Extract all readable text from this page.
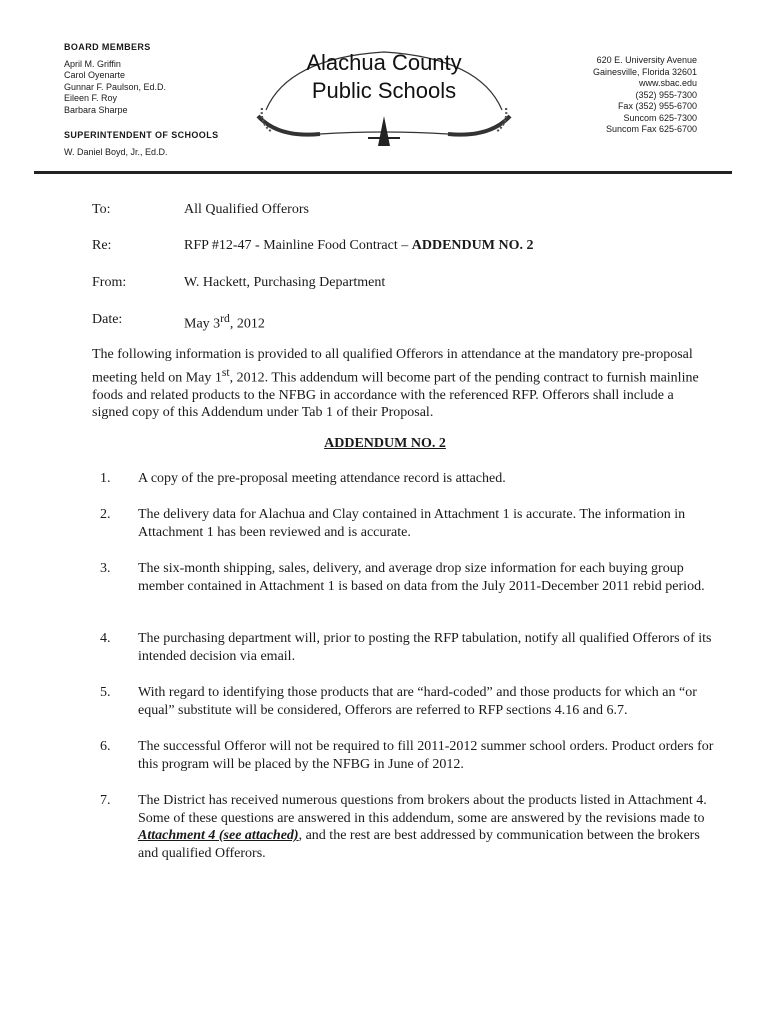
BOARD MEMBERS
April M. Griffin
Carol Oyenarte
Gunnar F. Paulson, Ed.D.
Eileen F. Roy
Barbara Sharpe
SUPERINTENDENT OF SCHOOLS
W. Daniel Boyd, Jr., Ed.D.
Alachua County
Public Schools
620 E. University Avenue
Gainesville, Florida 32601
www.sbac.edu
(352) 955-7300
Fax (352) 955-6700
Suncom 625-7300
Suncom Fax 625-6700
To:	All Qualified Offerors
Re:	RFP #12-47 - Mainline Food Contract – ADDENDUM NO. 2
From:	W. Hackett, Purchasing Department
Date:	May 3rd, 2012
The following information is provided to all qualified Offerors in attendance at the mandatory pre-proposal meeting held on May 1st, 2012. This addendum will become part of the pending contract to furnish mainline foods and related products to the NFBG in accordance with the referenced RFP. Offerors shall include a signed copy of this Addendum under Tab 1 of their Proposal.
ADDENDUM NO. 2
1.	A copy of the pre-proposal meeting attendance record is attached.
2.	The delivery data for Alachua and Clay contained in Attachment 1 is accurate. The information in Attachment 1 has been reviewed and is accurate.
3.	The six-month shipping, sales, delivery, and average drop size information for each buying group member contained in Attachment 1 is based on data from the July 2011-December 2011 rebid period.
4.	The purchasing department will, prior to posting the RFP tabulation, notify all qualified Offerors of its intended decision via email.
5.	With regard to identifying those products that are “hard-coded” and those products for which an “or equal” substitute will be considered, Offerors are referred to RFP sections 4.16 and 6.7.
6.	The successful Offeror will not be required to fill 2011-2012 summer school orders. Product orders for this program will be placed by the NFBG in June of 2012.
7.	The District has received numerous questions from brokers about the products listed in Attachment 4. Some of these questions are answered in this addendum, some are answered by the revisions made to Attachment 4 (see attached), and the rest are best addressed by communication between the brokers and qualified Offerors.
